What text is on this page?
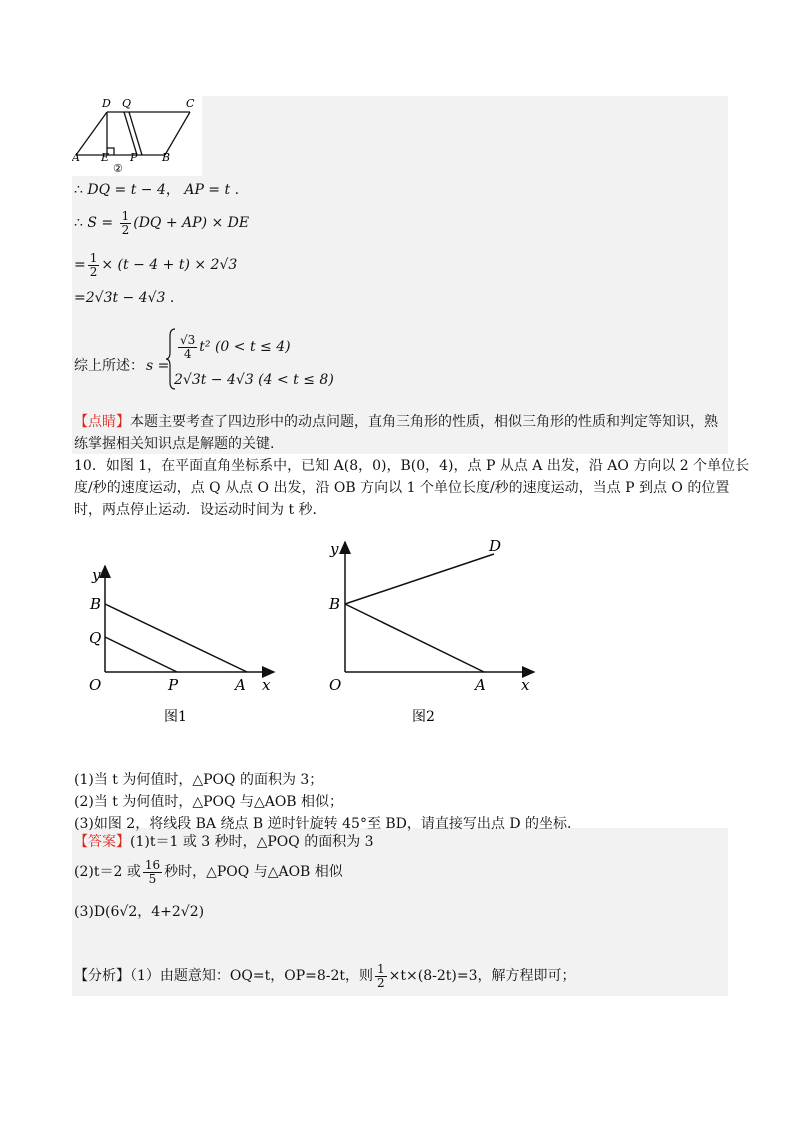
D Q	C
A E P B
②
∴ DQ = t − 4， AP = t .
∴ $S = \frac{1}{2} (DQ + AP)$ × DE
= $\frac{1}{2} \times (t - 4 + t) \times 2√3$
=2√3t − 4√3 .
综上所述： s =
$\frac{√3}{4} t^2$ (0 < t ≤ 4)
2√3t − 4√3 (4 < t ≤ 8)
【点睛】本题主要考查了四边形中的动点问题，直角三角形的性质，相似三角形的性质和判定等知识，熟
练掌握相关知识点是解题的关键.
10．如图 1，在平面直角坐标系中，已知 A(8，0)，B(0，4)，点 P 从点 A 出发，沿 AO 方向以 2 个单位长
度/秒的速度运动，点 Q 从点 O 出发，沿 OB 方向以 1 个单位长度/秒的速度运动，当点 P 到点 O 的位置
时，两点停止运动．设运动时间为 t 秒．
y
B
Q
O	P	A x
图1
y	D
B
O	A x
图2
(1)当 t 为何值时，△POQ 的面积为 3；
(2)当 t 为何值时，△POQ 与△AOB 相似；
(3)如图 2，将线段 BA 绕点 B 逆时针旋转 45°至 BD，请直接写出点 D 的坐标．
【答案】(1)t＝1 或 3 秒时，△POQ 的面积为 3
(2)t＝2 或 $\frac{16}{5}$ 秒时，△POQ 与△AOB 相似
(3)D(6√2，4+2√2)
【分析】（1）由题意知：OQ=t，OP=8-2t，则 $\frac{1}{2} \times t\times(8-2t)=3$，解方程即可；
